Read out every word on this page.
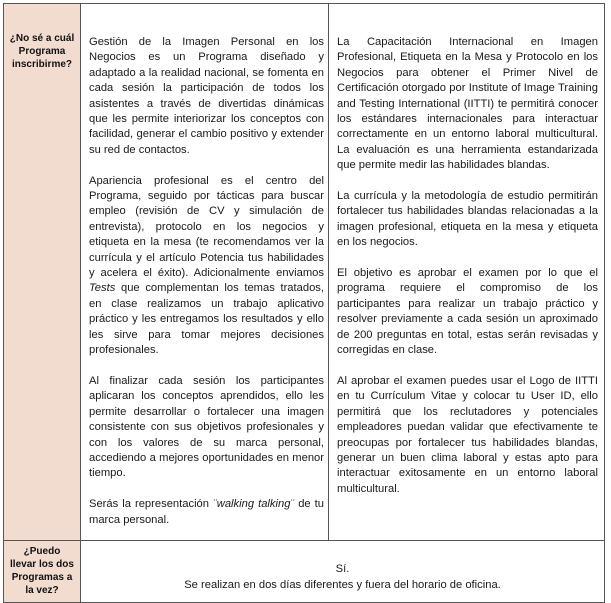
¿No sé a cuál
Programa
inscribirme?

Gestión de la Imagen Personal en los Negocios es un Programa diseñado y adaptado a la realidad nacional, se fomenta en cada sesión la participación de todos los asistentes a través de divertidas dinámicas que les permite interiorizar los conceptos con facilidad, generar el cambio positivo y extender su red de contactos.

Apariencia profesional es el centro del Programa, seguido por tácticas para buscar empleo (revisión de CV y simulación de entrevista), protocolo en los negocios y etiqueta en la mesa (te recomendamos ver la currícula y el artículo Potencia tus habilidades y acelera el éxito). Adicionalmente enviamos Tests que complementan los temas tratados, en clase realizamos un trabajo aplicativo práctico y les entregamos los resultados y ello les sirve para tomar mejores decisiones profesionales.

Al finalizar cada sesión los participantes aplicaran los conceptos aprendidos, ello les permite desarrollar o fortalecer una imagen consistente con sus objetivos profesionales y con los valores de su marca personal, accediendo a mejores oportunidades en menor tiempo.

Serás la representación ¨walking talking¨ de tu marca personal.

La Capacitación Internacional en Imagen Profesional, Etiqueta en la Mesa y Protocolo en los Negocios para obtener el Primer Nivel de Certificación otorgado por Institute of Image Training and Testing International (IITTI) te permitirá conocer los estándares internacionales para interactuar correctamente en un entorno laboral multicultural. La evaluación es una herramienta estandarizada que permite medir las habilidades blandas.

La currícula y la metodología de estudio permitirán fortalecer tus habilidades blandas relacionadas a la imagen profesional, etiqueta en la mesa y etiqueta en los negocios.

El objetivo es aprobar el examen por lo que el programa requiere el compromiso de los participantes para realizar un trabajo práctico y resolver previamente a cada sesión un aproximado de 200 preguntas en total, estas serán revisadas y corregidas en clase.

Al aprobar el examen puedes usar el Logo de IITTI en tu Currículum Vitae y colocar tu User ID, ello permitirá que los reclutadores y potenciales empleadores puedan validar que efectivamente te preocupas por fortalecer tus habilidades blandas, generar un buen clima laboral y estas apto para interactuar exitosamente en un entorno laboral multicultural.

¿Puedo
llevar los dos
Programas a
la vez?
Sí.
Se realizan en dos días diferentes y fuera del horario de oficina.
